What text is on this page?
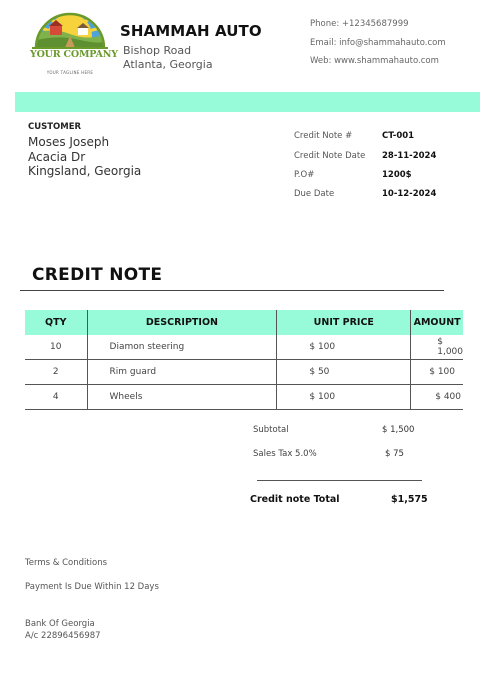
YOUR COMPANY
YOUR TAGLINE HERE
SHAMMAH AUTO
Bishop Road
Atlanta, Georgia
Phone: +12345687999
Email: info@shammahauto.com
Web: www.shammahauto.com
CUSTOMER
Moses Joseph
Acacia Dr
Kingsland, Georgia
Credit Note #	CT-001
Credit Note Date 28-11-2024
P.O#	1200$
Due Date	10-12-2024
CREDIT NOTE
QTY	DESCRIPTION	UNIT PRICE	AMOUNT
10	Diamon steering	$ 100	$ 1,000
2	Rim guard	$ 50	$ 100
4	Wheels	$ 100	$ 400
Subtotal	$ 1,500
Sales Tax 5.0%	$ 75
Credit note Total	$1,575
Terms & Conditions
Payment Is Due Within 12 Days
Bank Of Georgia
A/c 22896456987
